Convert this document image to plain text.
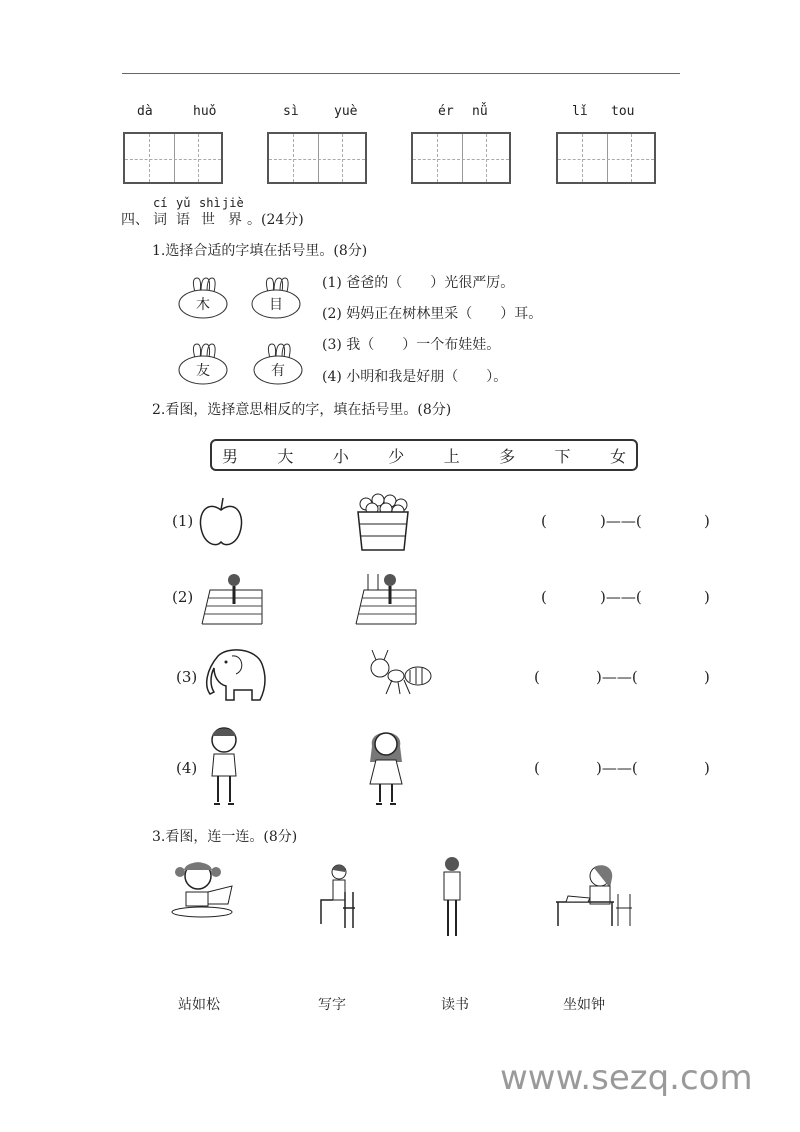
dà	huǒ	sì	yuè	ér nǚ	lǐ tou
四、
cí
词
yǔ
语
shì
世
jiè
界 。(24分)
1.选择合适的字填在括号里。(8分)
木	目
友	有
(1) 爸爸的（　　）光很严厉。
(2) 妈妈正在树林里采（　　）耳。
(3) 我（　　）一个布娃娃。
(4) 小明和我是好朋（　　）。
2.看图，选择意思相反的字，填在括号里。(8分)
男 大 小 少 上 多 下 女
(1)	(	)——(	)
(2)	(	)——(	)
(3)	(	)——(	)
(4)	(	)——(	)
3.看图，连一连。(8分)
站如松	写字	读书	坐如钟
www.sezq.com
